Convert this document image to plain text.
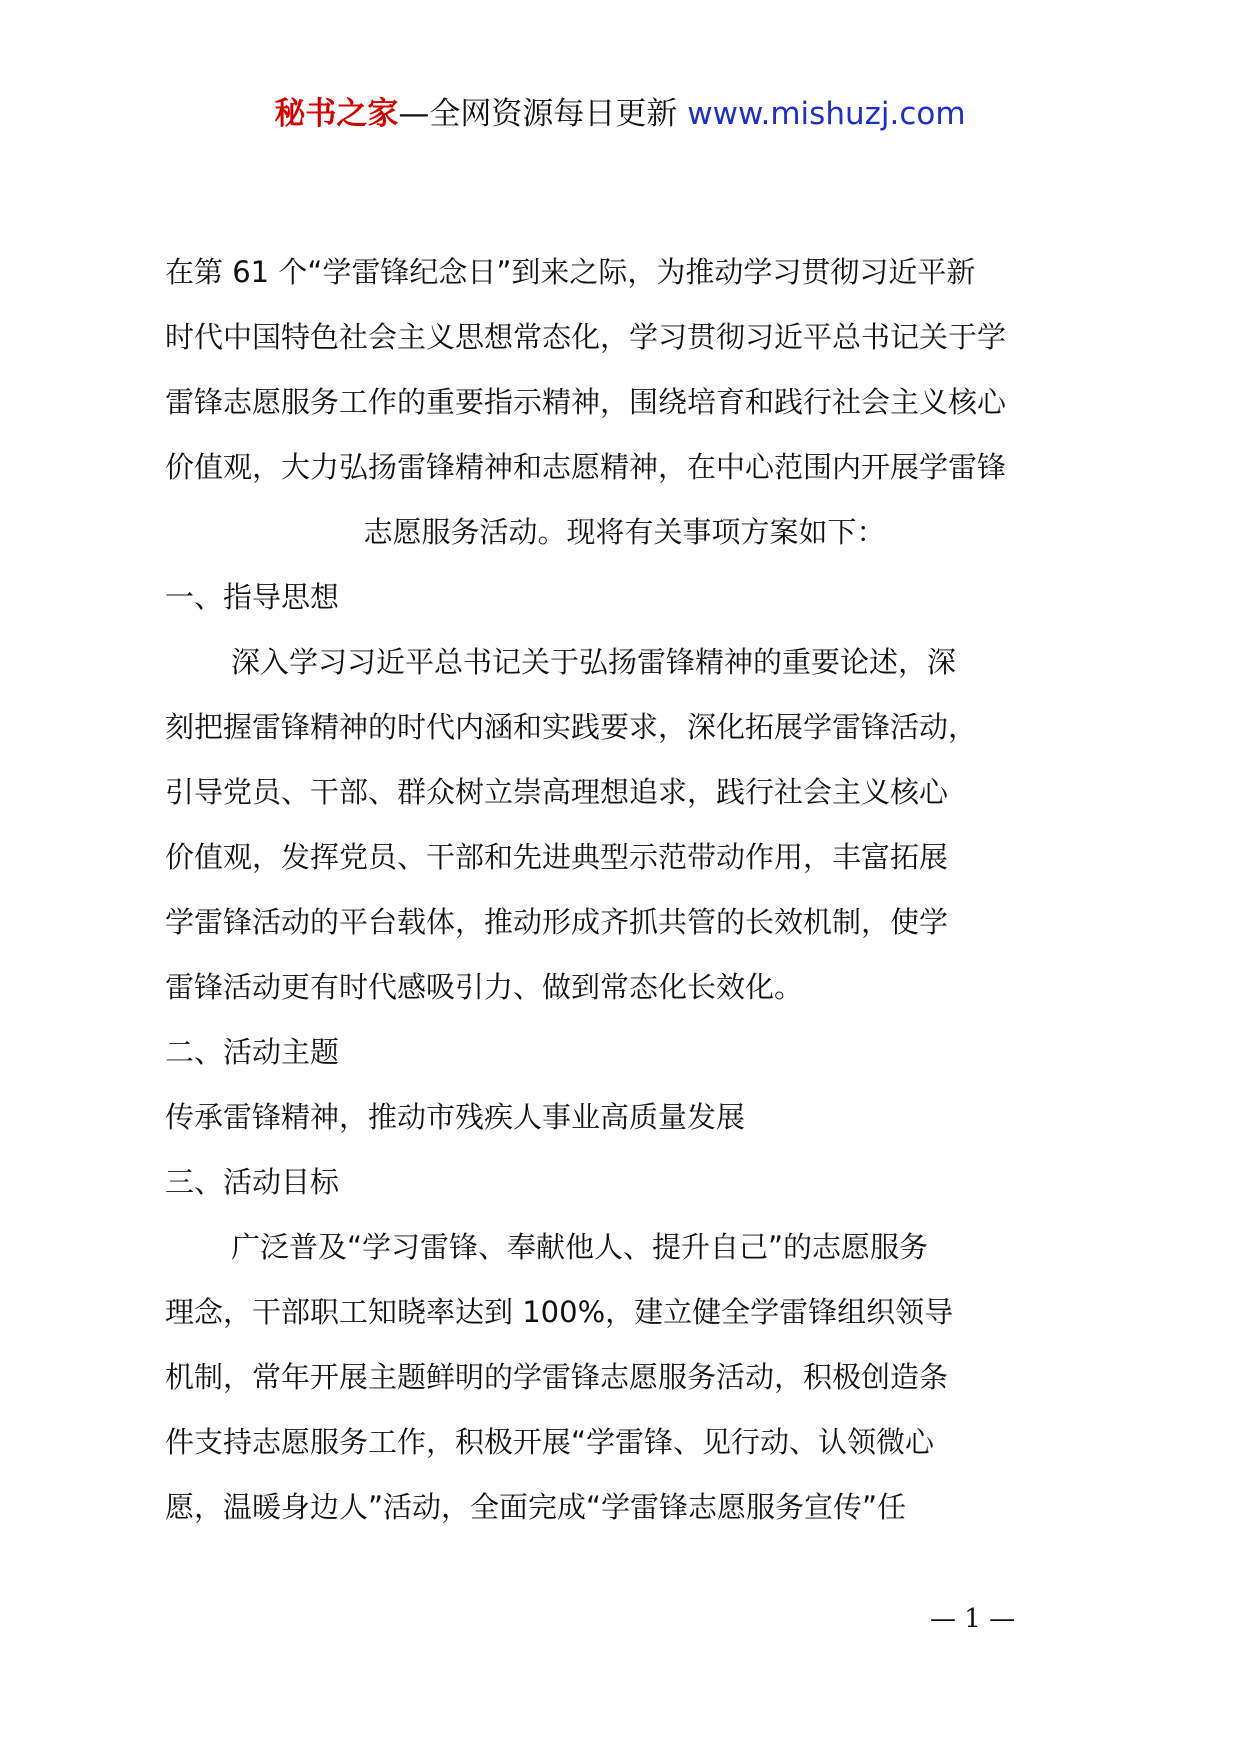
秘书之家—全网资源每日更新 www.mishuzj.com

在第 61 个“学雷锋纪念日”到来之际，为推动学习贯彻习近平新
时代中国特色社会主义思想常态化，学习贯彻习近平总书记关于学
雷锋志愿服务工作的重要指示精神，围绕培育和践行社会主义核心
价值观，大力弘扬雷锋精神和志愿精神，在中心范围内开展学雷锋
志愿服务活动。现将有关事项方案如下：

一、指导思想

深入学习习近平总书记关于弘扬雷锋精神的重要论述，深
刻把握雷锋精神的时代内涵和实践要求，深化拓展学雷锋活动，
引导党员、干部、群众树立崇高理想追求，践行社会主义核心
价值观，发挥党员、干部和先进典型示范带动作用，丰富拓展
学雷锋活动的平台载体，推动形成齐抓共管的长效机制，使学
雷锋活动更有时代感吸引力、做到常态化长效化。

二、活动主题

传承雷锋精神，推动市残疾人事业高质量发展

三、活动目标

广泛普及“学习雷锋、奉献他人、提升自己”的志愿服务
理念，干部职工知晓率达到 100%，建立健全学雷锋组织领导
机制，常年开展主题鲜明的学雷锋志愿服务活动，积极创造条
件支持志愿服务工作，积极开展“学雷锋、见行动、认领微心
愿，温暖身边人”活动，全面完成“学雷锋志愿服务宣传”任

— 1 —
